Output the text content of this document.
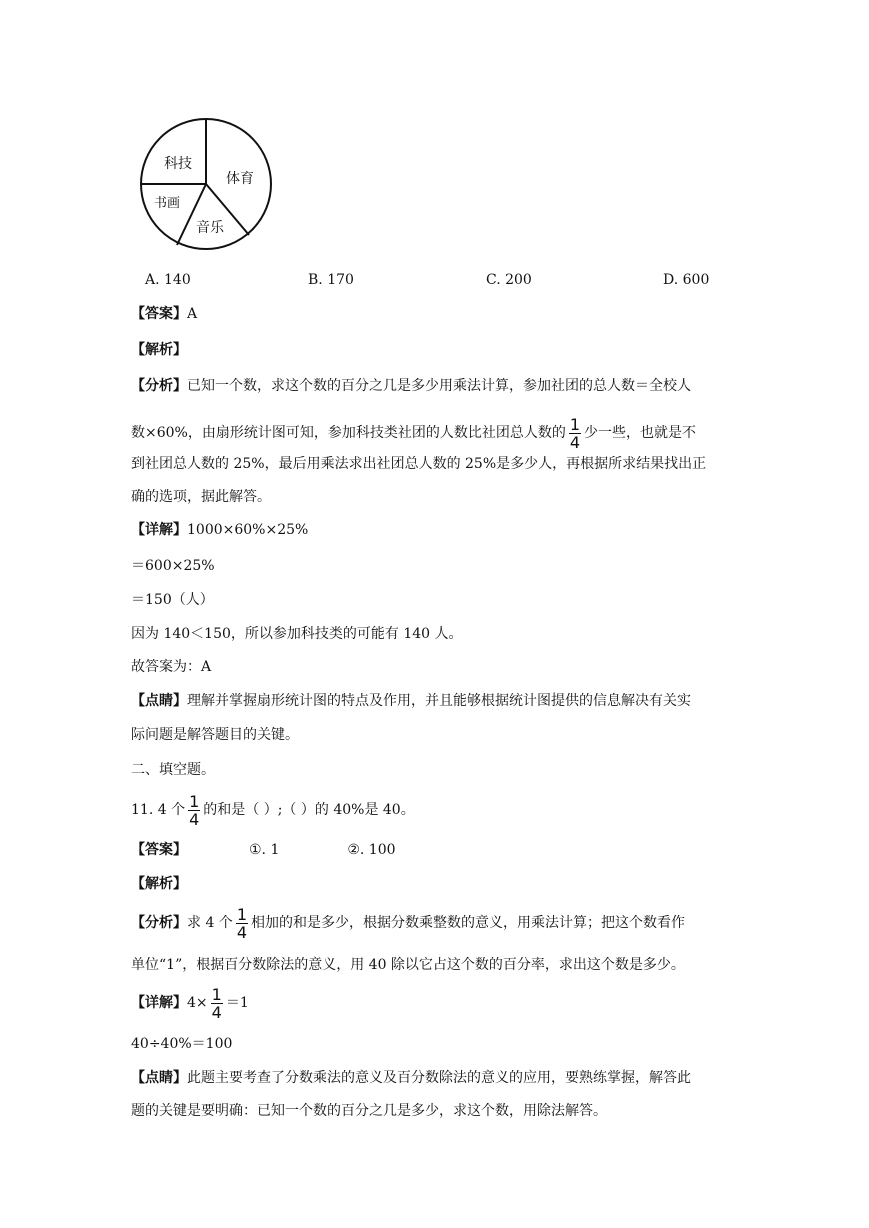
科技
体育
书画
音乐
A. 140	B. 170	C. 200	D. 600
【答案】A
【解析】
【分析】已知一个数，求这个数的百分之几是多少用乘法计算，参加社团的总人数＝全校人
数×60%，由扇形统计图可知，参加科技类社团的人数比社团总人数的 $\frac{1}{4}$ 少一些，也就是不
到社团总人数的 25%，最后用乘法求出社团总人数的 25%是多少人，再根据所求结果找出正
确的选项，据此解答。
【详解】1000×60%×25%
＝600×25%
＝150（人）
因为 140＜150，所以参加科技类的可能有 140 人。
故答案为：A
【点睛】理解并掌握扇形统计图的特点及作用，并且能够根据统计图提供的信息解决有关实
际问题是解答题目的关键。
二、填空题。
11. 4 个 $\frac{1}{4}$ 的和是（ ）;（ ）的 40%是 40。
【答案】	①. 1	②. 100
【解析】
【分析】求 4 个 $\frac{1}{4}$ 相加的和是多少，根据分数乘整数的意义，用乘法计算；把这个数看作
单位“1”，根据百分数除法的意义，用 40 除以它占这个数的百分率，求出这个数是多少。
【详解】$4\times \frac{1}{4} =1$
40÷40%＝100
【点睛】此题主要考查了分数乘法的意义及百分数除法的意义的应用，要熟练掌握，解答此
题的关键是要明确：已知一个数的百分之几是多少，求这个数，用除法解答。
